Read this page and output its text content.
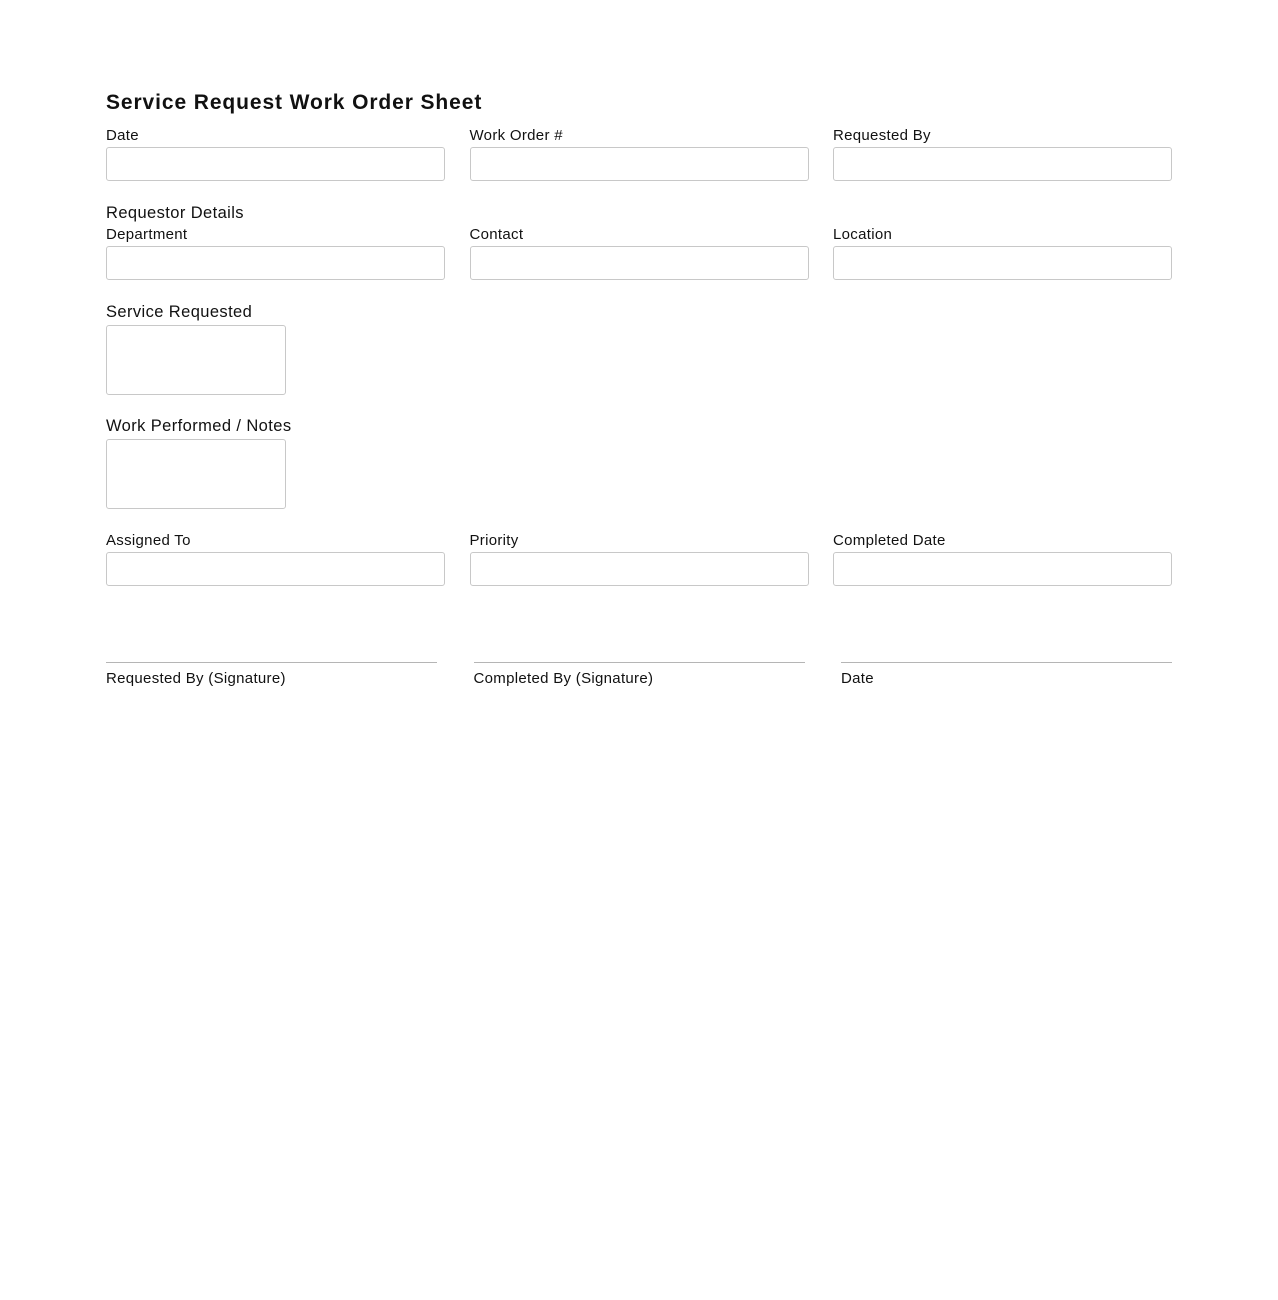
Service Request Work Order Sheet
Date	Work Order #	Requested By
Requestor Details
Department	Contact	Location
Service Requested
Work Performed / Notes
Assigned To	Priority	Completed Date
Requested By (Signature)	Completed By (Signature)	Date
